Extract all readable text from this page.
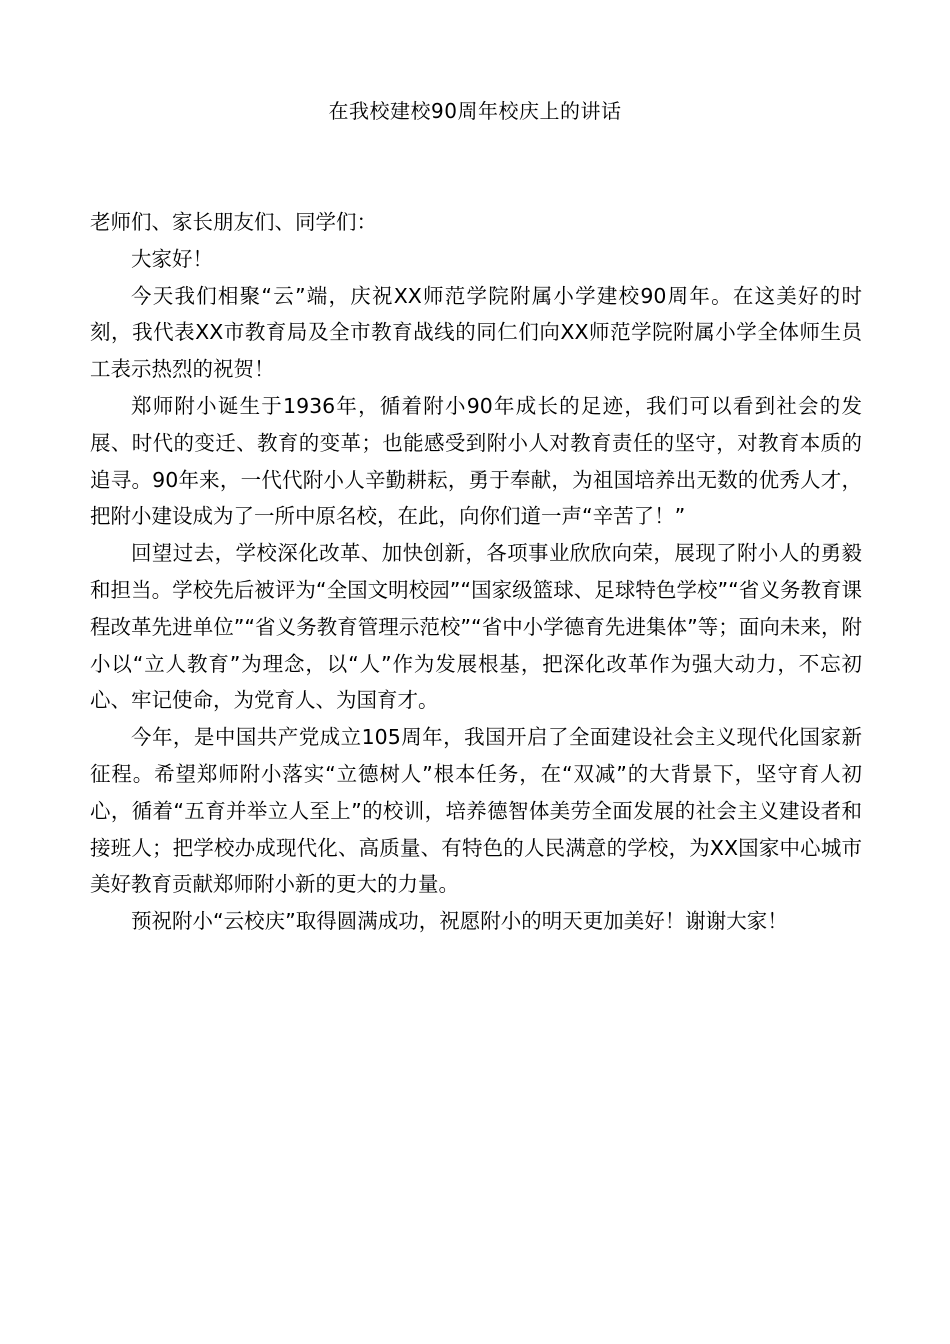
在我校建校90周年校庆上的讲话

老师们、家长朋友们、同学们：

大家好！

今天我们相聚“云”端，庆祝XX师范学院附属小学建校90周年。在这美好的时刻，我代表XX市教育局及全市教育战线的同仁们向XX师范学院附属小学全体师生员工表示热烈的祝贺！

郑师附小诞生于1936年，循着附小90年成长的足迹，我们可以看到社会的发展、时代的变迁、教育的变革；也能感受到附小人对教育责任的坚守，对教育本质的追寻。90年来，一代代附小人辛勤耕耘，勇于奉献，为祖国培养出无数的优秀人才，把附小建设成为了一所中原名校，在此，向你们道一声“辛苦了！”

回望过去，学校深化改革、加快创新，各项事业欣欣向荣，展现了附小人的勇毅和担当。学校先后被评为“全国文明校园”“国家级篮球、足球特色学校”“省义务教育课程改革先进单位”“省义务教育管理示范校”“省中小学德育先进集体”等；面向未来，附小以“立人教育”为理念，以“人”作为发展根基，把深化改革作为强大动力，不忘初心、牢记使命，为党育人、为国育才。

今年，是中国共产党成立105周年，我国开启了全面建设社会主义现代化国家新征程。希望郑师附小落实“立德树人”根本任务，在“双减”的大背景下，坚守育人初心，循着“五育并举立人至上”的校训，培养德智体美劳全面发展的社会主义建设者和接班人；把学校办成现代化、高质量、有特色的人民满意的学校，为XX国家中心城市美好教育贡献郑师附小新的更大的力量。

预祝附小“云校庆”取得圆满成功，祝愿附小的明天更加美好！谢谢大家！
